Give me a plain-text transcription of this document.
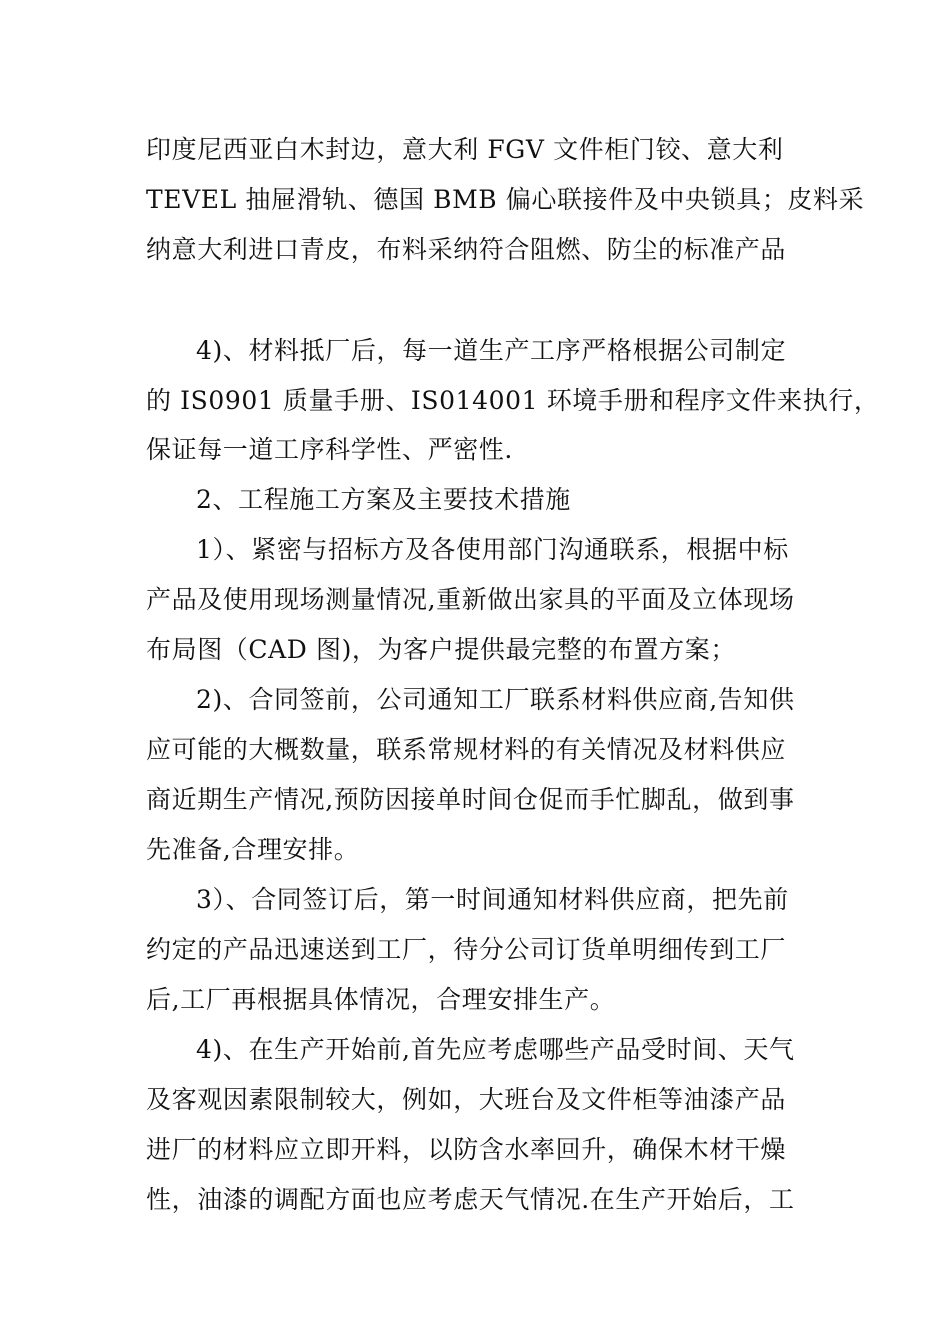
印度尼西亚白木封边，意大利 FGV 文件柜门铰、意大利
TEVEL 抽屉滑轨、德国 BMB 偏心联接件及中央锁具；皮料采
纳意大利进口青皮，布料采纳符合阻燃、防尘的标准产品
4)、材料抵厂后，每一道生产工序严格根据公司制定
的 IS0901 质量手册、IS014001 环境手册和程序文件来执行，
保证每一道工序科学性、严密性.
2、工程施工方案及主要技术措施
1）、紧密与招标方及各使用部门沟通联系，根据中标
产品及使用现场测量情况,重新做出家具的平面及立体现场
布局图（CAD 图)，为客户提供最完整的布置方案；
2)、合同签前，公司通知工厂联系材料供应商,告知供
应可能的大概数量，联系常规材料的有关情况及材料供应
商近期生产情况,预防因接单时间仓促而手忙脚乱，做到事
先准备,合理安排。
3）、合同签订后，第一时间通知材料供应商，把先前
约定的产品迅速送到工厂，待分公司订货单明细传到工厂
后,工厂再根据具体情况，合理安排生产。
4)、在生产开始前,首先应考虑哪些产品受时间、天气
及客观因素限制较大，例如，大班台及文件柜等油漆产品
进厂的材料应立即开料，以防含水率回升，确保木材干燥
性，油漆的调配方面也应考虑天气情况.在生产开始后，工
